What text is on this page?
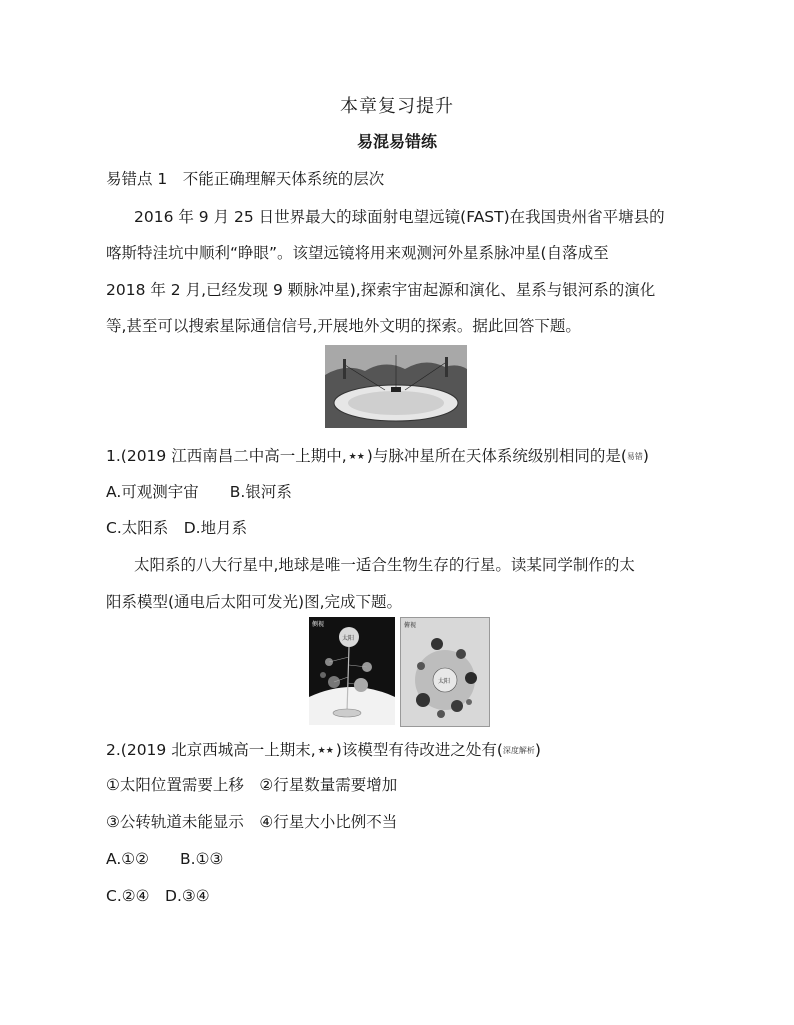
本章复习提升
易混易错练
易错点 1　不能正确理解天体系统的层次
2016 年 9 月 25 日世界最大的球面射电望远镜(FAST)在我国贵州省平塘县的
喀斯特洼坑中顺利“睁眼”。该望远镜将用来观测河外星系脉冲星(自落成至
2018 年 2 月,已经发现 9 颗脉冲星),探索宇宙起源和演化、星系与银河系的演化
等,甚至可以搜索星际通信信号,开展地外文明的探索。据此回答下题。
1.(2019 江西南昌二中高一上期中, ★★ )与脉冲星所在天体系统级别相同的是(易错)
A.可观测宇宙　　B.银河系
C.太阳系　D.地月系
太阳系的八大行星中,地球是唯一适合生物生存的行星。读某同学制作的太
阳系模型(通电后太阳可发光)图,完成下题。
侧视
太阳
俯视
太阳
2.(2019 北京西城高一上期末, ★★ )该模型有待改进之处有(深度解析)
①太阳位置需要上移　②行星数量需要增加
③公转轨道未能显示　④行星大小比例不当
A.①②　　B.①③
C.②④　D.③④
